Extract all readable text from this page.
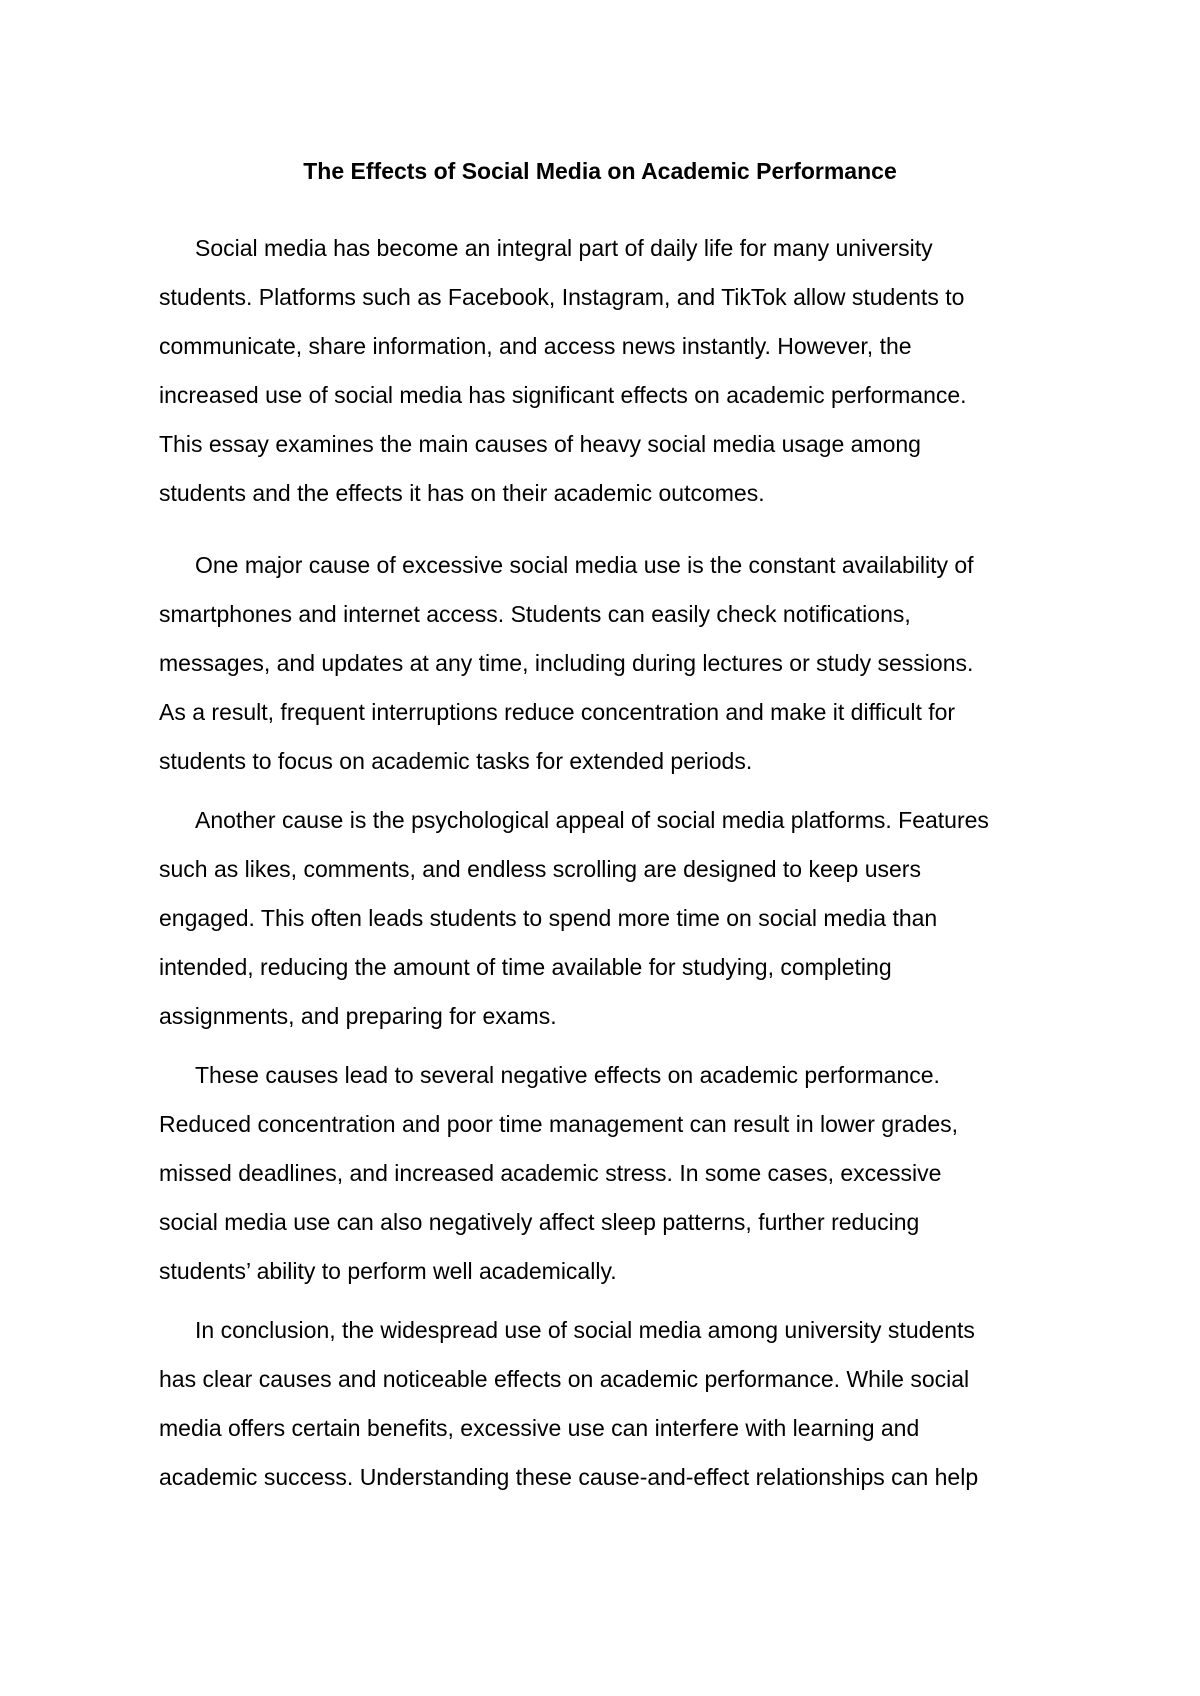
The Effects of Social Media on Academic Performance
Social media has become an integral part of daily life for many university
students. Platforms such as Facebook, Instagram, and TikTok allow students to
communicate, share information, and access news instantly. However, the
increased use of social media has significant effects on academic performance.
This essay examines the main causes of heavy social media usage among
students and the effects it has on their academic outcomes.
One major cause of excessive social media use is the constant availability of
smartphones and internet access. Students can easily check notifications,
messages, and updates at any time, including during lectures or study sessions.
As a result, frequent interruptions reduce concentration and make it difficult for
students to focus on academic tasks for extended periods.
Another cause is the psychological appeal of social media platforms. Features
such as likes, comments, and endless scrolling are designed to keep users
engaged. This often leads students to spend more time on social media than
intended, reducing the amount of time available for studying, completing
assignments, and preparing for exams.
These causes lead to several negative effects on academic performance.
Reduced concentration and poor time management can result in lower grades,
missed deadlines, and increased academic stress. In some cases, excessive
social media use can also negatively affect sleep patterns, further reducing
students’ ability to perform well academically.
In conclusion, the widespread use of social media among university students
has clear causes and noticeable effects on academic performance. While social
media offers certain benefits, excessive use can interfere with learning and
academic success. Understanding these cause-and-effect relationships can help
